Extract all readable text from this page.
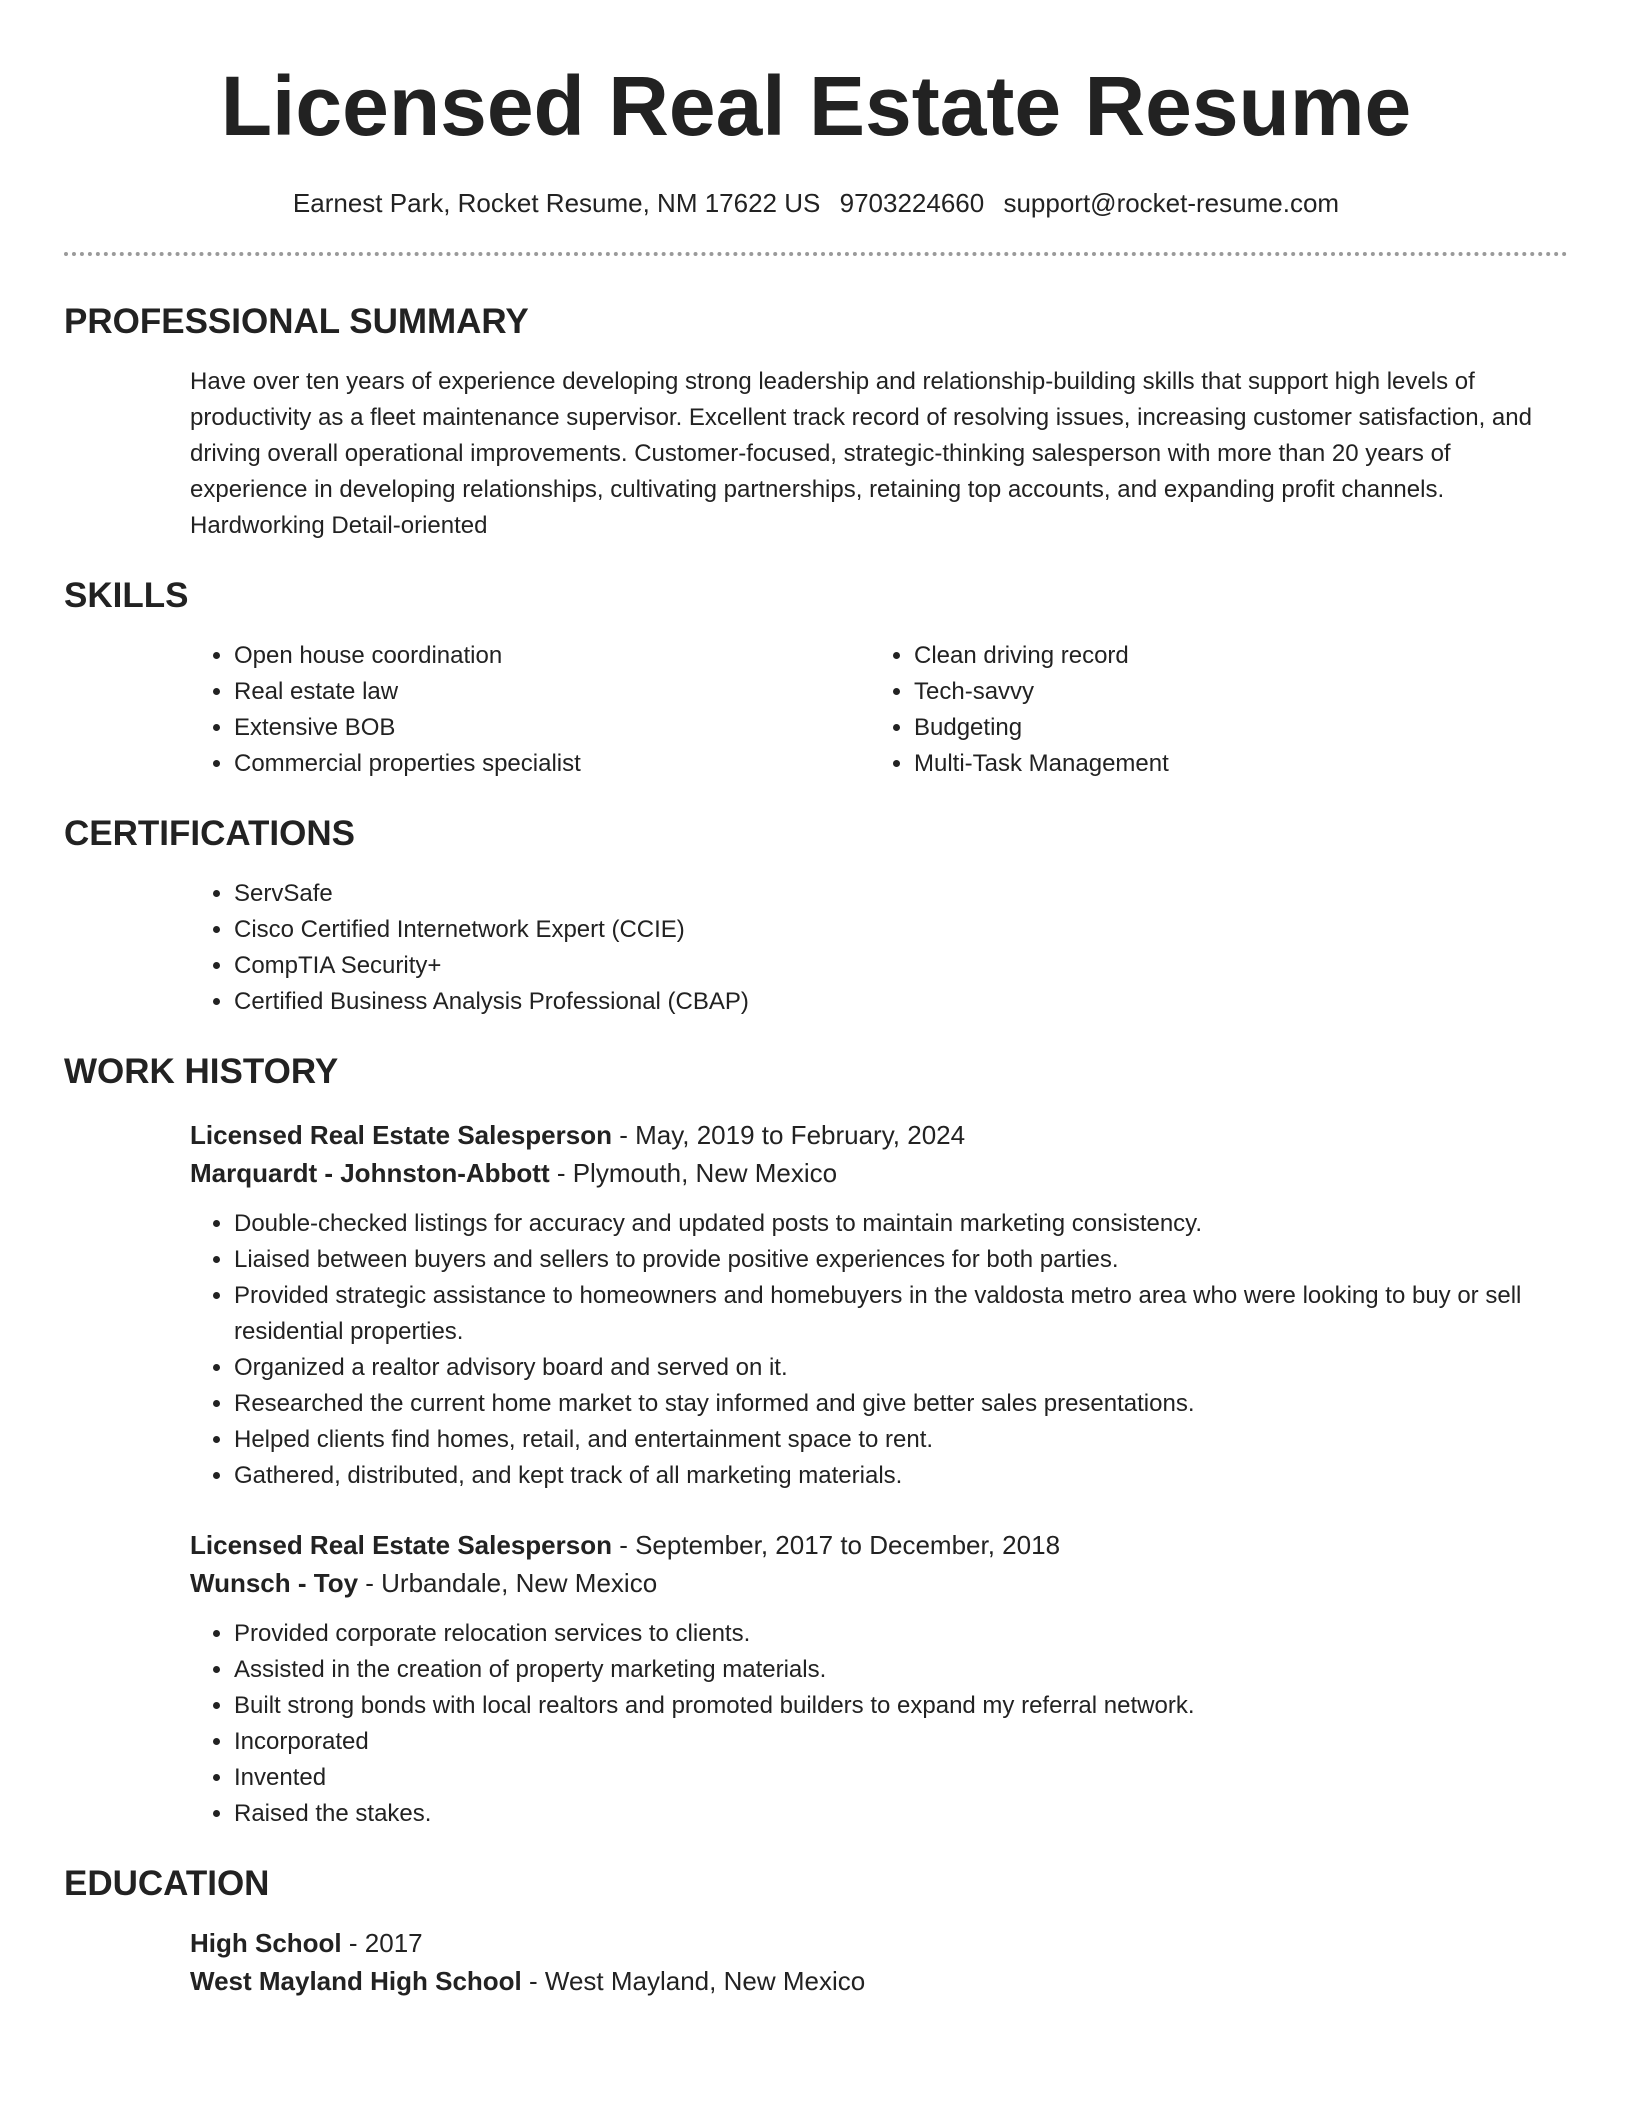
Licensed Real Estate Resume
Earnest Park, Rocket Resume, NM 17622 US 9703224660 support@rocket-resume.com
PROFESSIONAL SUMMARY
Have over ten years of experience developing strong leadership and relationship-building skills that support high levels of productivity as a fleet maintenance supervisor. Excellent track record of resolving issues, increasing customer satisfaction, and driving overall operational improvements. Customer-focused, strategic-thinking salesperson with more than 20 years of experience in developing relationships, cultivating partnerships, retaining top accounts, and expanding profit channels. Hardworking Detail-oriented
SKILLS
• Open house coordination
• Real estate law
• Extensive BOB
• Commercial properties specialist
• Clean driving record
• Tech-savvy
• Budgeting
• Multi-Task Management
CERTIFICATIONS
• ServSafe
• Cisco Certified Internetwork Expert (CCIE)
• CompTIA Security+
• Certified Business Analysis Professional (CBAP)
WORK HISTORY
Licensed Real Estate Salesperson - May, 2019 to February, 2024
Marquardt - Johnston-Abbott - Plymouth, New Mexico
• Double-checked listings for accuracy and updated posts to maintain marketing consistency.
• Liaised between buyers and sellers to provide positive experiences for both parties.
• Provided strategic assistance to homeowners and homebuyers in the valdosta metro area who were looking to buy or sell residential properties.
• Organized a realtor advisory board and served on it.
• Researched the current home market to stay informed and give better sales presentations.
• Helped clients find homes, retail, and entertainment space to rent.
• Gathered, distributed, and kept track of all marketing materials.
Licensed Real Estate Salesperson - September, 2017 to December, 2018
Wunsch - Toy - Urbandale, New Mexico
• Provided corporate relocation services to clients.
• Assisted in the creation of property marketing materials.
• Built strong bonds with local realtors and promoted builders to expand my referral network.
• Incorporated
• Invented
• Raised the stakes.
EDUCATION
High School - 2017
West Mayland High School - West Mayland, New Mexico
